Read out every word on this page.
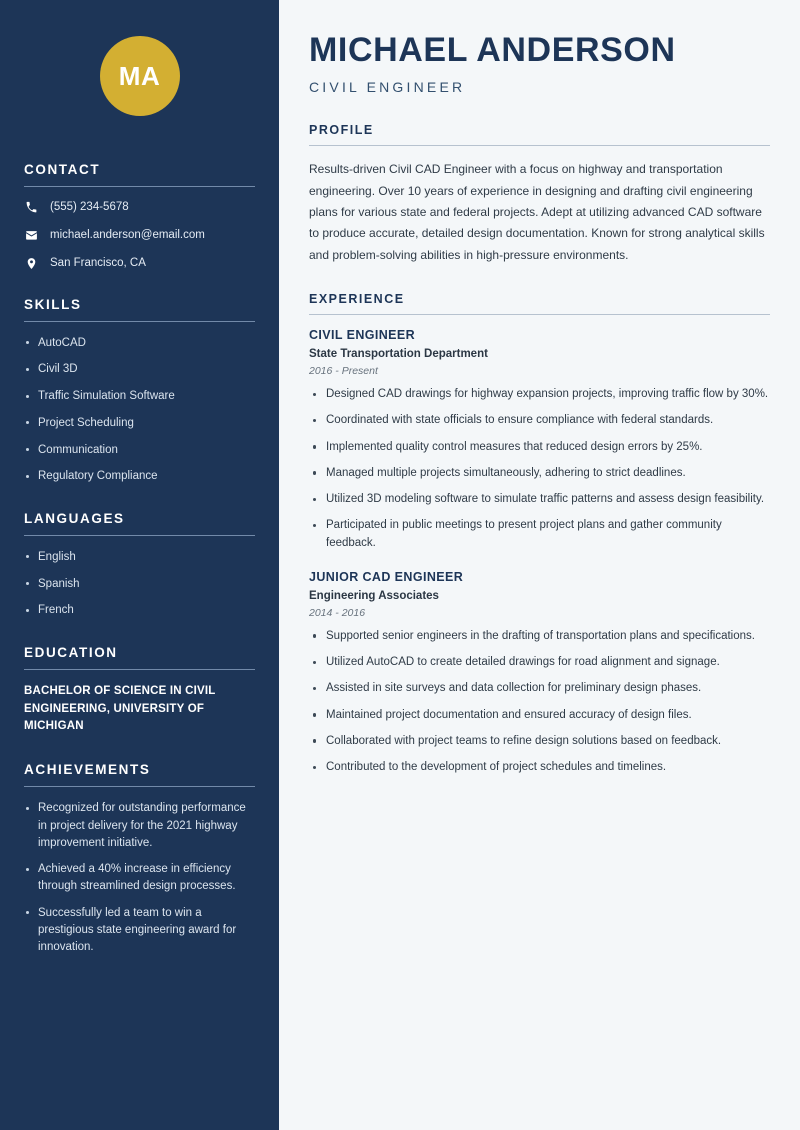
MA
CONTACT
(555) 234-5678
michael.anderson@email.com
San Francisco, CA
SKILLS
AutoCAD
Civil 3D
Traffic Simulation Software
Project Scheduling
Communication
Regulatory Compliance
LANGUAGES
English
Spanish
French
EDUCATION
BACHELOR OF SCIENCE IN CIVIL ENGINEERING, UNIVERSITY OF MICHIGAN
ACHIEVEMENTS
Recognized for outstanding performance in project delivery for the 2021 highway improvement initiative.
Achieved a 40% increase in efficiency through streamlined design processes.
Successfully led a team to win a prestigious state engineering award for innovation.
MICHAEL ANDERSON
CIVIL ENGINEER
PROFILE

Results-driven Civil CAD Engineer with a focus on highway and transportation engineering. Over 10 years of experience in designing and drafting civil engineering plans for various state and federal projects. Adept at utilizing advanced CAD software to produce accurate, detailed design documentation. Known for strong analytical skills and problem-solving abilities in high-pressure environments.

EXPERIENCE
CIVIL ENGINEER
State Transportation Department
2016 - Present
Designed CAD drawings for highway expansion projects, improving traffic flow by 30%.
Coordinated with state officials to ensure compliance with federal standards.
Implemented quality control measures that reduced design errors by 25%.
Managed multiple projects simultaneously, adhering to strict deadlines.
Utilized 3D modeling software to simulate traffic patterns and assess design feasibility.
Participated in public meetings to present project plans and gather community feedback.
JUNIOR CAD ENGINEER
Engineering Associates
2014 - 2016
Supported senior engineers in the drafting of transportation plans and specifications.
Utilized AutoCAD to create detailed drawings for road alignment and signage.
Assisted in site surveys and data collection for preliminary design phases.
Maintained project documentation and ensured accuracy of design files.
Collaborated with project teams to refine design solutions based on feedback.
Contributed to the development of project schedules and timelines.
